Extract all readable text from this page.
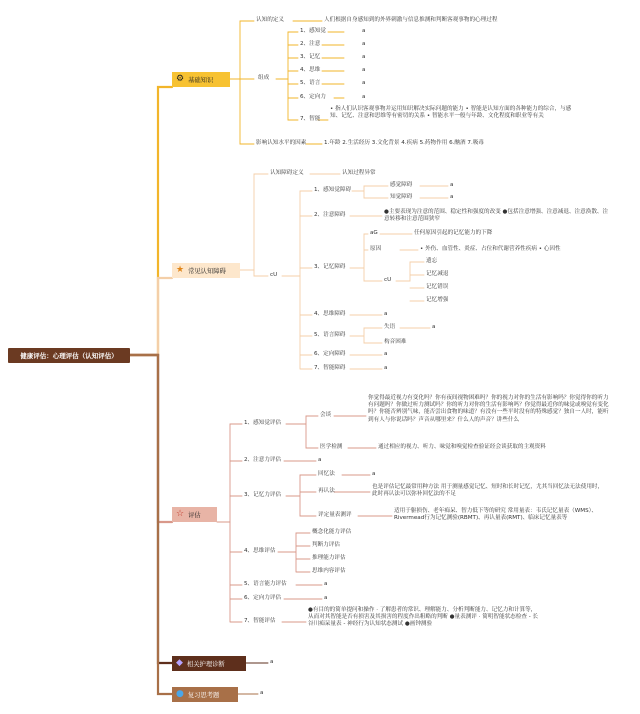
健康评估：心理评估（认知评估）
⚙ 基础知识
★ 常见认知障碍
☆ 评估
◆ 相关护理诊断
● 复习思考题
认知的定义	人们根据自身感知到的外界刺激与信息推测和判断客观事物的心理过程
组成
1、感知觉
2、注意
3、记忆
4、思维
5、语言
6、定向力
a
a
a
a
a
a
7、智能
• 指人们认识客观事物并运用知识解决实际问题的能力 • 智能是认知方面的各种能力的综合，与感知、记忆、注意和思维等有密切的关系 • 智能水平一般与年龄、文化程度和职业等有关
影响认知水平的因素	1.年龄 2.生活经历 3.文化背景 4.疾病 5.药物作用 6.酗酒 7.吸毒
认知障碍定义	认知过程异常
cU
1、感知觉障碍
感觉障碍
知觉障碍
a
a
2、注意障碍	●主要表现为注意的范围、稳定性和强度的改变 ●包括注意增强、注意减退、注意涣散、注意转移和注意范围狭窄
3、记忆障碍
aG	任何原因引起的记忆能力的下降
原因	• 外伤、血管性、炎症、占位和代谢营养性疾病 • 心因性
cU
遗忘
记忆减退
记忆错误
记忆增强
4、思维障碍	a
5、语言障碍
失语
构音困难
a
6、定向障碍	a
7、智能障碍	a
1、感知觉评估
会谈
你觉得最近视力有变化吗？你有夜间视物困难吗？你的视力对你的生活有影响吗？你觉得你的听力有问题吗？你做过听力测试吗？你的听力对你的生活有影响吗？你觉得最近你的味觉或嗅觉有变化吗？你能否辨别气味，能否尝出食物的味道？有没有一些平时没有的特殊感觉？独自一人时，能听到有人与你说话吗？声音从哪里来？什么人的声音？讲些什么
医学检测	通过相应的视力、听力、味觉和嗅觉检查验证经会谈获取的主观资料
2、注意力评估	a
3、记忆力评估
回忆法	a
再认法
也是评估记忆最常用种方法 用于测量感觉记忆、短时和长时记忆，尤其当回忆法无法使用时，此时再认法可以弥补回忆法的不足
评定量表测评
适用于躯损伤、老年痴呆、智力低下等的研究 常用量表：韦氏记忆量表（WMS）、Rivermead行为记忆测验(RBMT)、再认量表(RMT)、临床记忆量表等
4、思维评估
概念化能力评估
判断力评估
推理能力评估
思维内容评估
5、语言能力评估	a
6、定向力评估	a
7、智能评估
●有目的的简单提问和操作 · 了解患者的常识、理解能力、分析判断能力、记忆力和计算等，从而对其智能是否有损害及其损害的程度作出粗略的判断 ●量表测评 · 简明智能状态检查 - 长谷川痴呆量表 - 神经行为认知状态测试 ●画钟测验
a
a
